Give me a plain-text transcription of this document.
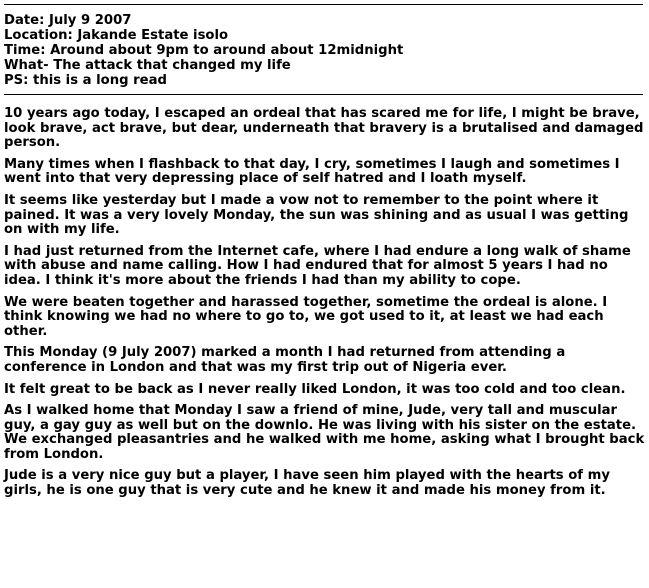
Date: July 9 2007
Location: Jakande Estate isolo
Time: Around about 9pm to around about 12midnight
What- The attack that changed my life
PS: this is a long read

10 years ago today, I escaped an ordeal that has scared me for life, I might be brave, look brave, act brave, but dear, underneath that bravery is a brutalised and damaged person.

Many times when I flashback to that day, I cry, sometimes I laugh and sometimes I went into that very depressing place of self hatred and I loath myself.

It seems like yesterday but I made a vow not to remember to the point where it pained. It was a very lovely Monday, the sun was shining and as usual I was getting on with my life.

I had just returned from the Internet cafe, where I had endure a long walk of shame with abuse and name calling. How I had endured that for almost 5 years I had no idea. I think it's more about the friends I had than my ability to cope.

We were beaten together and harassed together, sometime the ordeal is alone. I think knowing we had no where to go to, we got used to it, at least we had each other.

This Monday (9 July 2007) marked a month I had returned from attending a conference in London and that was my first trip out of Nigeria ever.

It felt great to be back as I never really liked London, it was too cold and too clean.

As I walked home that Monday I saw a friend of mine, Jude, very tall and muscular guy, a gay guy as well but on the downlo. He was living with his sister on the estate. We exchanged pleasantries and he walked with me home, asking what I brought back from London.

Jude is a very nice guy but a player, I have seen him played with the hearts of my girls, he is one guy that is very cute and he knew it and made his money from it.
